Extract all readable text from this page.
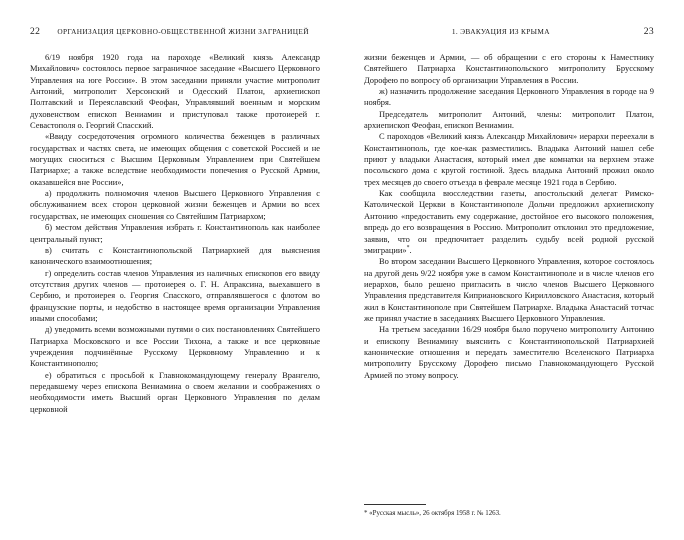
22	ОРГАНИЗАЦИЯ ЦЕРКОВНО-ОБЩЕСТВЕННОЙ ЖИЗНИ ЗАГРАНИЦЕЙ

6/19 ноября 1920 года на пароходе «Великий князь Александр Михайлович» состоялось первое заграничное заседание «Высшего Церковного Управления на юге России». В этом заседании приняли участие митрополит Антоний, митрополит Херсонский и Одесский Платон, архиепископ Полтавский и Переяславский Феофан, Управлявший военным и морским духовенством епископ Вениамин и приступовал также протоиерей г. Севастополя о. Георгий Спасский.

«Ввиду сосредоточения огромного количества беженцев в различных государствах и частях света, не имеющих общения с советской Россией и не могущих сноситься с Высшим Церковным Управлением при Святейшем Патриархе; а также вследствие необходимости попечения о Русской Армии, оказавшейся вне России»,

а) продолжить полномочия членов Высшего Церковного Управления с обслуживанием всех сторон церковной жизни беженцев и Армии во всех государствах, не имеющих сношения со Святейшим Патриархом;

б) местом действия Управления избрать г. Константинополь как наиболее центральный пункт;

в) считать с Константинопольской Патриархией для выяснения канонического взаимоотношения;

г) определить состав членов Управления из наличных епископов его ввиду отсутствия других членов — протоиерея о. Г. Н. Апраксина, выехавшего в Сербию, и протоиерея о. Георгия Спасского, отправлявшегося с флотом во французские порты, и недобство в настоящее время организации Управления иными способами;

д) уведомить всеми возможными путями о сих постановлениях Святейшего Патриарха Московского и все России Тихона, а также и все церковные учреждения подчинённые Русскому Церковному Управлению и к Константинополю;

е) обратиться с просьбой к Главнокомандующему генералу Врангелю, передавшему через епископа Вениамина о своем желании и соображениях о необходимости иметь Высший орган Церковного Управления по делам церковной

1. ЭВАКУАЦИЯ ИЗ КРЫМА	23

жизни беженцев и Армии, — об обращении с его стороны к Наместнику Святейшего Патриарха Константинопольского митрополиту Брусскому Дорофею по вопросу об организации Управления в России.

ж) назначить продолжение заседания Церковного Управления в городе на 9 ноября.

Председатель митрополит Антоний, члены: митрополит Платон, архиепископ Феофан, епископ Вениамин.

С пароходов «Великий князь Александр Михайлович» иерархи переехали в Константинополь, где кое-как разместились. Владыка Антоний нашел себе приют у владыки Анастасия, который имел две комнатки на верхнем этаже посольского дома с кругой гостиной. Здесь владыка Антоний прожил около трех месяцев до своего отъезда в феврале месяце 1921 года в Сербию.

Как сообщила вюсследствии газеты, апостольский делегат Римско-Католической Церкви в Константинополе Дольчи предложил архиепископу Антонию «предоставить ему содержание, достойное его высокого положения, впредь до его возвращения в Россию. Митрополит отклонил это предложение, заявив, что он предпочитает разделить судьбу всей родной русской эмиграции»*.

Во втором заседании Высшего Церковного Управления, которое состоялось на другой день 9/22 ноября уже в самом Константинополе и в числе членов его иерархов, было решено пригласить в число членов Высшего Церковного Управления представителя Киприановского Кирилловского Анастасия, который жил в Константинополе при Святейшем Патриархе. Владыка Анастасий тотчас же принял участие в заседаниях Высшего Церковного Управления.

На третьем заседании 16/29 ноября было поручено митрополиту Антонию и епископу Вениамину выяснить с Константинопольской Патриархией канонические отношения и передать заместителю Вселенского Патриарха митрополиту Брусскому Дорофею письмо Главнокомандующего Русской Армией по этому вопросу.

* «Русская мысль», 26 октября 1958 г. № 1263.
